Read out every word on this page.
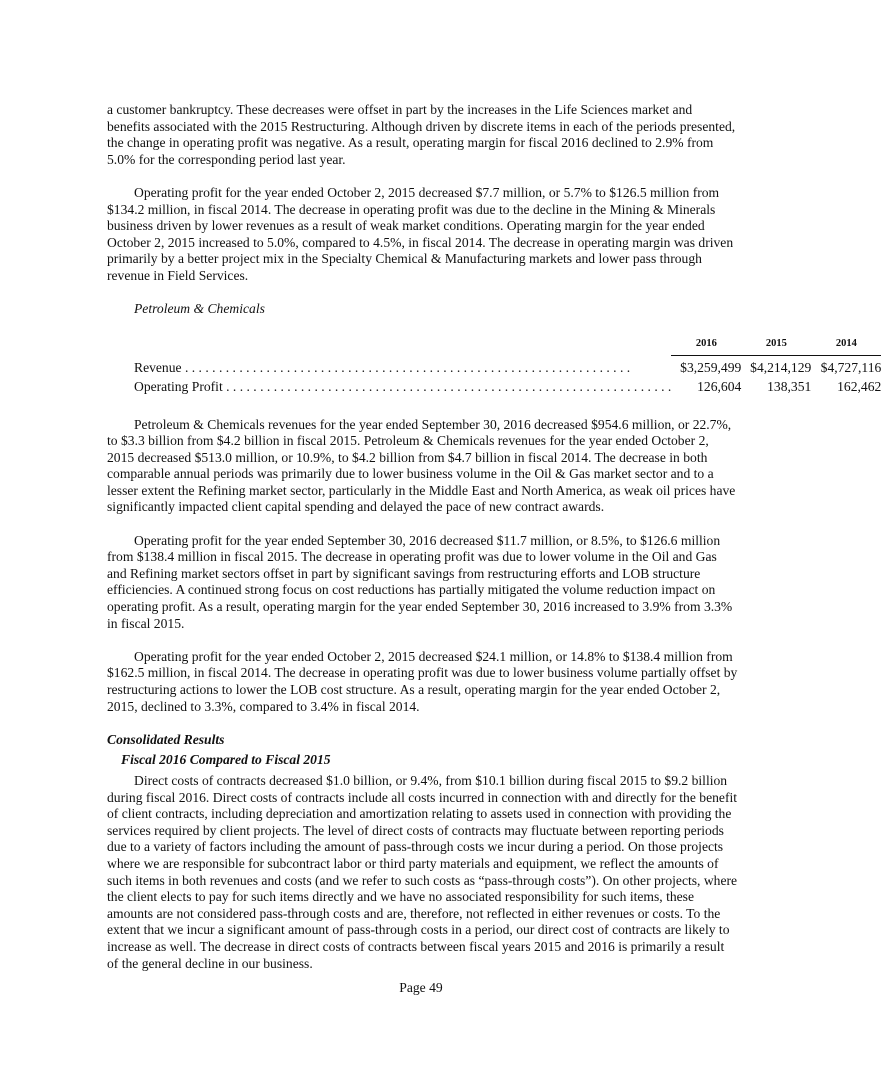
a customer bankruptcy. These decreases were offset in part by the increases in the Life Sciences market and benefits associated with the 2015 Restructuring. Although driven by discrete items in each of the periods presented, the change in operating profit was negative. As a result, operating margin for fiscal 2016 declined to 2.9% from 5.0% for the corresponding period last year.

Operating profit for the year ended October 2, 2015 decreased $7.7 million, or 5.7% to $126.5 million from $134.2 million, in fiscal 2014. The decrease in operating profit was due to the decline in the Mining & Minerals business driven by lower revenues as a result of weak market conditions. Operating margin for the year ended October 2, 2015 increased to 5.0%, compared to 4.5%, in fiscal 2014. The decrease in operating margin was driven primarily by a better project mix in the Specialty Chemical & Manufacturing markets and lower pass through revenue in Field Services.

Petroleum & Chemicals

	2016	2015	2014

Revenue . . .	$3,259,499	$4,214,129	$4,727,116

Operating Profit . . .	126,604	138,351	162,462

Petroleum & Chemicals revenues for the year ended September 30, 2016 decreased $954.6 million, or 22.7%, to $3.3 billion from $4.2 billion in fiscal 2015. Petroleum & Chemicals revenues for the year ended October 2, 2015 decreased $513.0 million, or 10.9%, to $4.2 billion from $4.7 billion in fiscal 2014. The decrease in both comparable annual periods was primarily due to lower business volume in the Oil & Gas market sector and to a lesser extent the Refining market sector, particularly in the Middle East and North America, as weak oil prices have significantly impacted client capital spending and delayed the pace of new contract awards.

Operating profit for the year ended September 30, 2016 decreased $11.7 million, or 8.5%, to $126.6 million from $138.4 million in fiscal 2015. The decrease in operating profit was due to lower volume in the Oil and Gas and Refining market sectors offset in part by significant savings from restructuring efforts and LOB structure efficiencies. A continued strong focus on cost reductions has partially mitigated the volume reduction impact on operating profit. As a result, operating margin for the year ended September 30, 2016 increased to 3.9% from 3.3% in fiscal 2015.

Operating profit for the year ended October 2, 2015 decreased $24.1 million, or 14.8% to $138.4 million from $162.5 million, in fiscal 2014. The decrease in operating profit was due to lower business volume partially offset by restructuring actions to lower the LOB cost structure. As a result, operating margin for the year ended October 2, 2015, declined to 3.3%, compared to 3.4% in fiscal 2014.

Consolidated Results

Fiscal 2016 Compared to Fiscal 2015

Direct costs of contracts decreased $1.0 billion, or 9.4%, from $10.1 billion during fiscal 2015 to $9.2 billion during fiscal 2016. Direct costs of contracts include all costs incurred in connection with and directly for the benefit of client contracts, including depreciation and amortization relating to assets used in connection with providing the services required by client projects. The level of direct costs of contracts may fluctuate between reporting periods due to a variety of factors including the amount of pass-through costs we incur during a period. On those projects where we are responsible for subcontract labor or third party materials and equipment, we reflect the amounts of such items in both revenues and costs (and we refer to such costs as “pass-through costs”). On other projects, where the client elects to pay for such items directly and we have no associated responsibility for such items, these amounts are not considered pass-through costs and are, therefore, not reflected in either revenues or costs. To the extent that we incur a significant amount of pass-through costs in a period, our direct cost of contracts are likely to increase as well. The decrease in direct costs of contracts between fiscal years 2015 and 2016 is primarily a result of the general decline in our business.

Page 49
